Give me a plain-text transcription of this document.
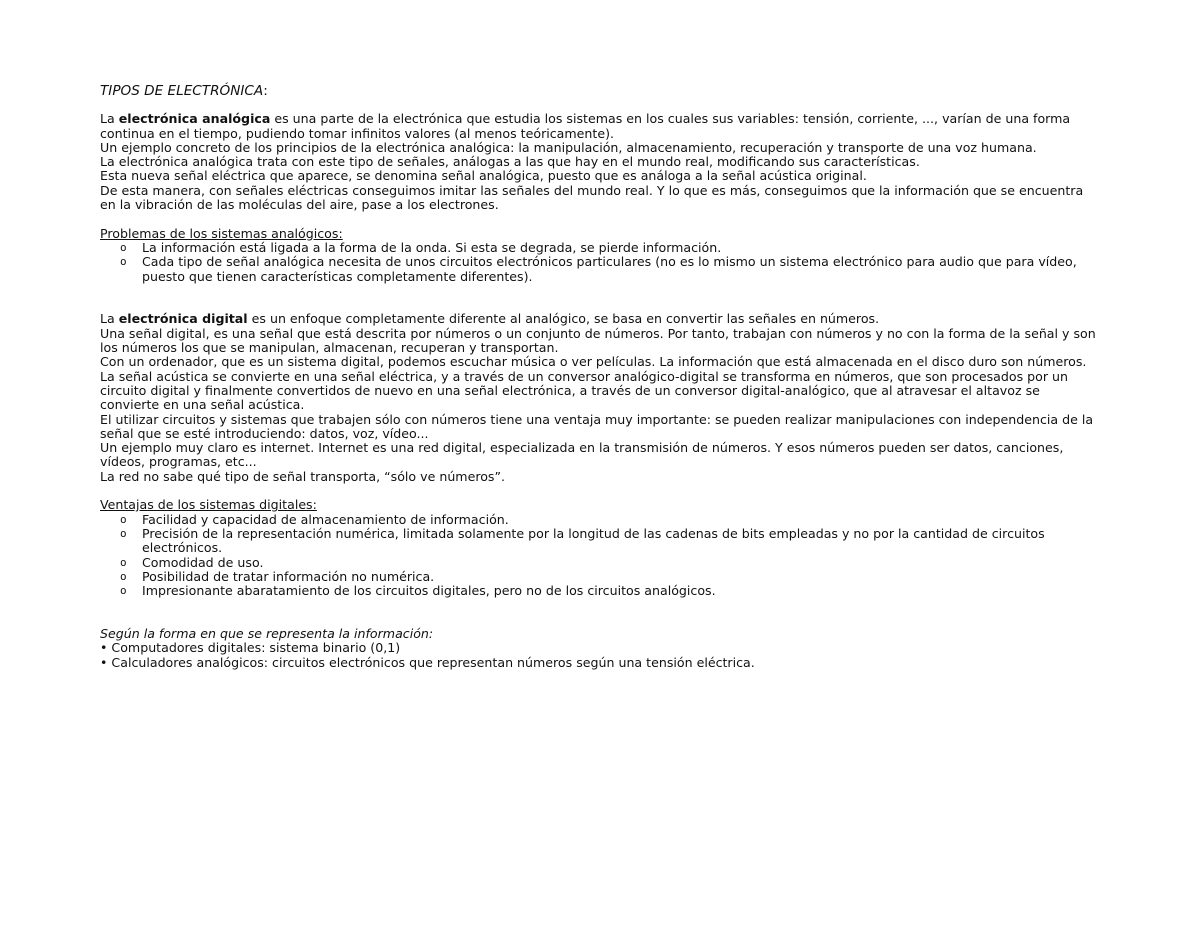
TIPOS DE ELECTRÓNICA:

La electrónica analógica es una parte de la electrónica que estudia los sistemas en los cuales sus variables: tensión, corriente, ..., varían de una forma continua en el tiempo, pudiendo tomar infinitos valores (al menos teóricamente).

Un ejemplo concreto de los principios de la electrónica analógica: la manipulación, almacenamiento, recuperación y transporte de una voz humana.

La electrónica analógica trata con este tipo de señales, análogas a las que hay en el mundo real, modificando sus características.

Esta nueva señal eléctrica que aparece, se denomina señal analógica, puesto que es análoga a la señal acústica original.

De esta manera, con señales eléctricas conseguimos imitar las señales del mundo real. Y lo que es más, conseguimos que la información que se encuentra en la vibración de las moléculas del aire, pase a los electrones.

Problemas de los sistemas analógicos:

o La información está ligada a la forma de la onda. Si esta se degrada, se pierde información.
o Cada tipo de señal analógica necesita de unos circuitos electrónicos particulares (no es lo mismo un sistema electrónico para audio que para vídeo, puesto que tienen características completamente diferentes).

La electrónica digital es un enfoque completamente diferente al analógico, se basa en convertir las señales en números.

Una señal digital, es una señal que está descrita por números o un conjunto de números. Por tanto, trabajan con números y no con la forma de la señal y son los números los que se manipulan, almacenan, recuperan y transportan.

Con un ordenador, que es un sistema digital, podemos escuchar música o ver películas. La información que está almacenada en el disco duro son números.

La señal acústica se convierte en una señal eléctrica, y a través de un conversor analógico-digital se transforma en números, que son procesados por un circuito digital y finalmente convertidos de nuevo en una señal electrónica, a través de un conversor digital-analógico, que al atravesar el altavoz se convierte en una señal acústica.

El utilizar circuitos y sistemas que trabajen sólo con números tiene una ventaja muy importante: se pueden realizar manipulaciones con independencia de la señal que se esté introduciendo: datos, voz, vídeo...

Un ejemplo muy claro es internet. Internet es una red digital, especializada en la transmisión de números. Y esos números pueden ser datos, canciones, vídeos, programas, etc...

La red no sabe qué tipo de señal transporta, “sólo ve números”.

Ventajas de los sistemas digitales:

o Facilidad y capacidad de almacenamiento de información.
o Precisión de la representación numérica, limitada solamente por la longitud de las cadenas de bits empleadas y no por la cantidad de circuitos electrónicos.
o Comodidad de uso.
o Posibilidad de tratar información no numérica.
o Impresionante abaratamiento de los circuitos digitales, pero no de los circuitos analógicos.

Según la forma en que se representa la información:

• Computadores digitales: sistema binario (0,1)

• Calculadores analógicos: circuitos electrónicos que representan números según una tensión eléctrica.
